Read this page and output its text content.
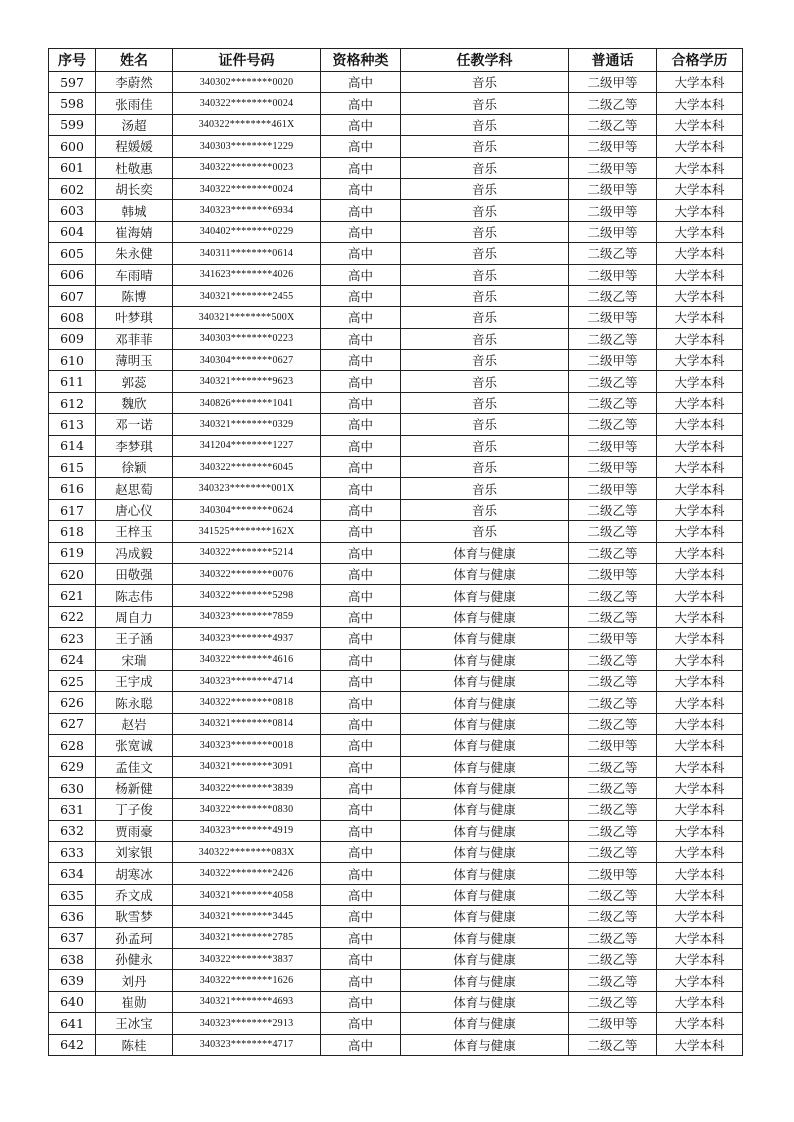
序号	姓名	证件号码	资格种类	任教学科	普通话	合格学历
597	李蔚然	340302********0020	高中	音乐	二级甲等	大学本科
598	张雨佳	340322********0024	高中	音乐	二级乙等	大学本科
599	汤超	340322********461X	高中	音乐	二级乙等	大学本科
600	程媛媛	340303********1229	高中	音乐	二级甲等	大学本科
601	杜敬惠	340322********0023	高中	音乐	二级甲等	大学本科
602	胡长奕	340322********0024	高中	音乐	二级甲等	大学本科
603	韩城	340323********6934	高中	音乐	二级甲等	大学本科
604	崔海婧	340402********0229	高中	音乐	二级甲等	大学本科
605	朱永健	340311********0614	高中	音乐	二级乙等	大学本科
606	车雨晴	341623********4026	高中	音乐	二级甲等	大学本科
607	陈博	340321********2455	高中	音乐	二级乙等	大学本科
608	叶梦琪	340321********500X	高中	音乐	二级甲等	大学本科
609	邓菲菲	340303********0223	高中	音乐	二级乙等	大学本科
610	薄明玉	340304********0627	高中	音乐	二级甲等	大学本科
611	郭蕊	340321********9623	高中	音乐	二级乙等	大学本科
612	魏欣	340826********1041	高中	音乐	二级乙等	大学本科
613	邓一诺	340321********0329	高中	音乐	二级乙等	大学本科
614	李梦琪	341204********1227	高中	音乐	二级甲等	大学本科
615	徐颖	340322********6045	高中	音乐	二级甲等	大学本科
616	赵思萄	340323********001X	高中	音乐	二级甲等	大学本科
617	唐心仪	340304********0624	高中	音乐	二级乙等	大学本科
618	王梓玉	341525********162X	高中	音乐	二级乙等	大学本科
619	冯成毅	340322********5214	高中	体育与健康	二级乙等	大学本科
620	田敬强	340322********0076	高中	体育与健康	二级甲等	大学本科
621	陈志伟	340322********5298	高中	体育与健康	二级乙等	大学本科
622	周自力	340323********7859	高中	体育与健康	二级乙等	大学本科
623	王子涵	340323********4937	高中	体育与健康	二级甲等	大学本科
624	宋瑞	340322********4616	高中	体育与健康	二级乙等	大学本科
625	王宇成	340323********4714	高中	体育与健康	二级乙等	大学本科
626	陈永聪	340322********0818	高中	体育与健康	二级乙等	大学本科
627	赵岩	340321********0814	高中	体育与健康	二级乙等	大学本科
628	张宽诚	340323********0018	高中	体育与健康	二级甲等	大学本科
629	孟佳文	340321********3091	高中	体育与健康	二级乙等	大学本科
630	杨新健	340322********3839	高中	体育与健康	二级乙等	大学本科
631	丁子俊	340322********0830	高中	体育与健康	二级乙等	大学本科
632	贾雨豪	340323********4919	高中	体育与健康	二级乙等	大学本科
633	刘家银	340322********083X	高中	体育与健康	二级乙等	大学本科
634	胡寒冰	340322********2426	高中	体育与健康	二级甲等	大学本科
635	乔文成	340321********4058	高中	体育与健康	二级乙等	大学本科
636	耿雪梦	340321********3445	高中	体育与健康	二级乙等	大学本科
637	孙孟珂	340321********2785	高中	体育与健康	二级乙等	大学本科
638	孙健永	340322********3837	高中	体育与健康	二级乙等	大学本科
639	刘丹	340322********1626	高中	体育与健康	二级乙等	大学本科
640	崔勋	340321********4693	高中	体育与健康	二级乙等	大学本科
641	王冰宝	340323********2913	高中	体育与健康	二级甲等	大学本科
642	陈桂	340323********4717	高中	体育与健康	二级乙等	大学本科
